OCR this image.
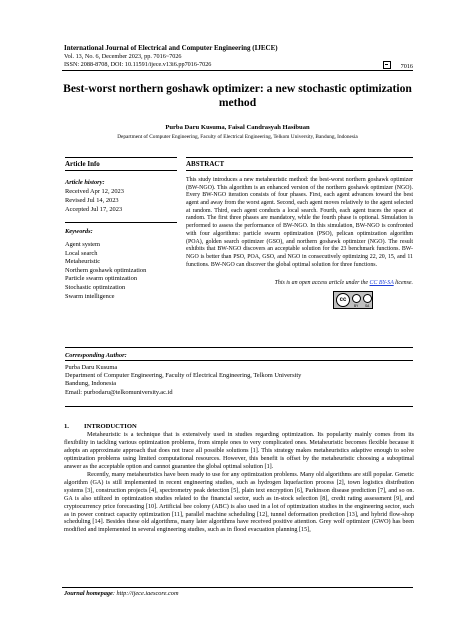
International Journal of Electrical and Computer Engineering (IJECE)
Vol. 13, No. 6, December 2023, pp. 7016~7026
ISSN: 2088-8708, DOI: 10.11591/ijece.v13i6.pp7016-7026	7016
Best-worst northern goshawk optimizer: a new stochastic optimization method
Purba Daru Kusuma, Faisal Candrasyah Hasibuan
Department of Computer Engineering, Faculty of Electrical Engineering, Telkom University, Bandung, Indonesia
Article Info	ABSTRACT
Article history:
Received Apr 12, 2023
Revised Jul 14, 2023
Accepted Jul 17, 2023
Keywords:
Agent system
Local search
Metaheuristic
Northern goshawk optimization
Particle swarm optimization
Stochastic optimization
Swarm intelligence
This study introduces a new metaheuristic method: the best-worst northern goshawk optimizer (BW-NGO). This algorithm is an enhanced version of the northern goshawk optimizer (NGO). Every BW-NGO iteration consists of four phases. First, each agent advances toward the best agent and away from the worst agent. Second, each agent moves relatively to the agent selected at random. Third, each agent conducts a local search. Fourth, each agent traces the space at random. The first three phases are mandatory, while the fourth phase is optional. Simulation is performed to assess the performance of BW-NGO. In this simulation, BW-NGO is confronted with four algorithms: particle swarm optimization (PSO), pelican optimization algorithm (POA), golden search optimizer (GSO), and northern goshawk optimizer (NGO). The result exhibits that BW-NGO discovers an acceptable solution for the 23 benchmark functions. BW-NGO is better than PSO, POA, GSO, and NGO in consecutively optimizing 22, 20, 15, and 11 functions. BW-NGO can discover the global optimal solution for three functions.
This is an open access article under the CC BY-SA license.
cc
BY SA
Corresponding Author:
Purba Daru Kusuma
Department of Computer Engineering, Faculty of Electrical Engineering, Telkom University
Bandung, Indonesia
Email: purbodaru@telkomuniversity.ac.id
1. INTRODUCTION

Metaheuristic is a technique that is extensively used in studies regarding optimization. Its popularity mainly comes from its flexibility in tackling various optimization problems, from simple ones to very complicated ones. Metaheuristic becomes flexible because it adopts an approximate approach that does not trace all possible solutions [1]. This strategy makes metaheuristics adaptive enough to solve optimization problems using limited computational resources. However, this benefit is offset by the metaheuristic choosing a suboptimal answer as the acceptable option and cannot guarantee the global optimal solution [1].

Recently, many metaheuristics have been ready to use for any optimization problems. Many old algorithms are still popular. Genetic algorithm (GA) is still implemented in recent engineering studies, such as hydrogen liquefaction process [2], town logistics distribution systems [3], construction projects [4], spectrometry peak detection [5], plain text encryption [6], Parkinson disease prediction [7], and so on. GA is also utilized in optimization studies related to the financial sector, such as in-stock selection [8], credit rating assessment [9], and cryptocurrency price forecasting [10]. Artificial bee colony (ABC) is also used in a lot of optimization studies in the engineering sector, such as in power contract capacity optimization [11], parallel machine scheduling [12], tunnel deformation prediction [13], and hybrid flow-shop scheduling [14]. Besides these old algorithms, many later algorithms have received positive attention. Grey wolf optimizer (GWO) has been modified and implemented in several engineering studies, such as in flood evacuation planning [15],

Journal homepage: http://ijece.iaescore.com
